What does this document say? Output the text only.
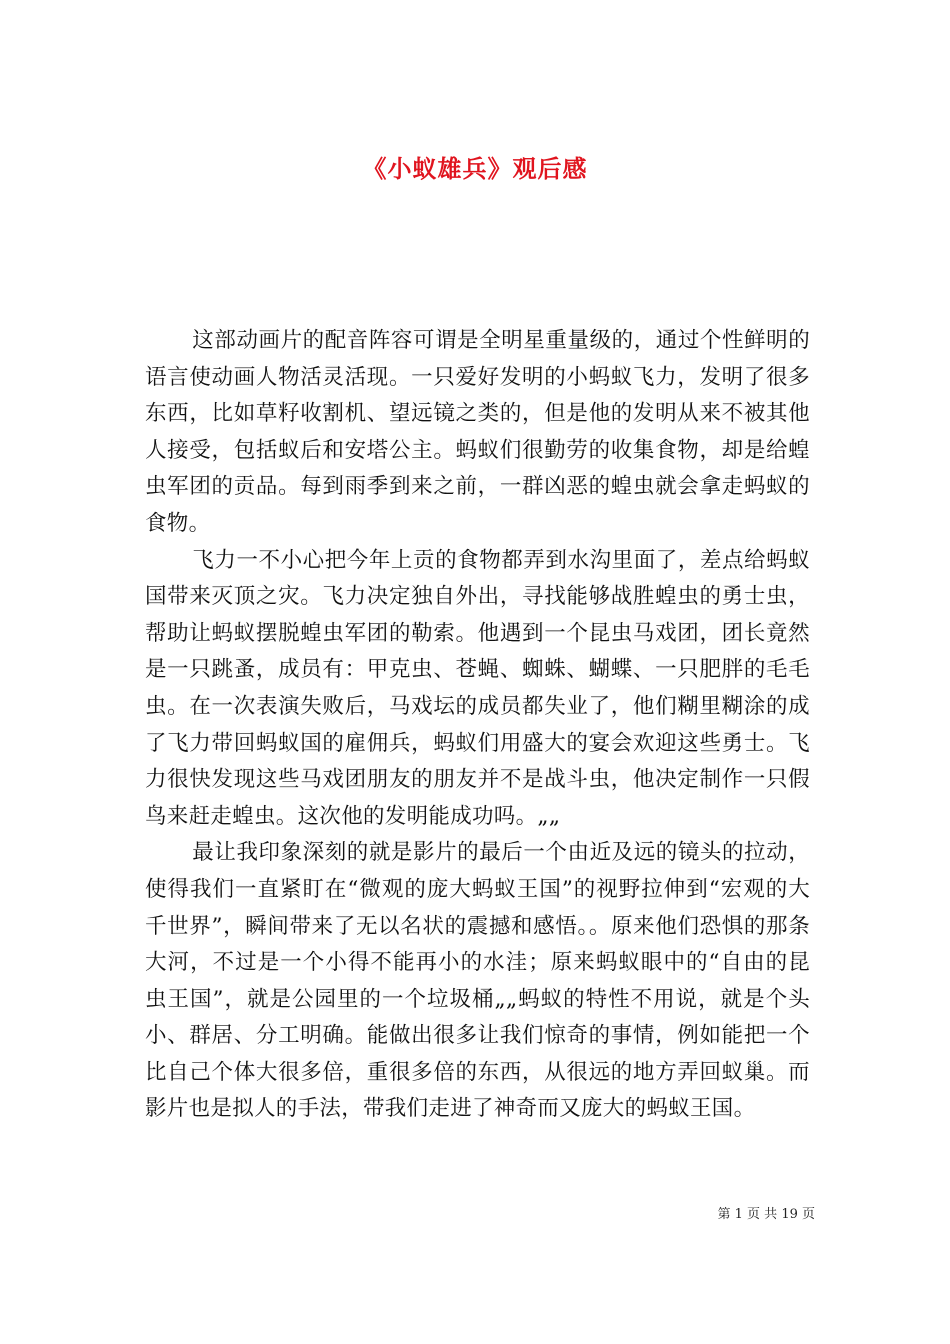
《小蚁雄兵》观后感

这部动画片的配音阵容可谓是全明星重量级的，通过个性鲜明的语言使动画人物活灵活现。一只爱好发明的小蚂蚁飞力，发明了很多东西，比如草籽收割机、望远镜之类的，但是他的发明从来不被其他人接受，包括蚁后和安塔公主。蚂蚁们很勤劳的收集食物，却是给蝗虫军团的贡品。每到雨季到来之前，一群凶恶的蝗虫就会拿走蚂蚁的食物。

飞力一不小心把今年上贡的食物都弄到水沟里面了，差点给蚂蚁国带来灭顶之灾。飞力决定独自外出，寻找能够战胜蝗虫的勇士虫，帮助让蚂蚁摆脱蝗虫军团的勒索。他遇到一个昆虫马戏团，团长竟然是一只跳蚤，成员有：甲克虫、苍蝇、蜘蛛、蝴蝶、一只肥胖的毛毛虫。在一次表演失败后，马戏坛的成员都失业了，他们糊里糊涂的成了飞力带回蚂蚁国的雇佣兵，蚂蚁们用盛大的宴会欢迎这些勇士。飞力很快发现这些马戏团朋友的朋友并不是战斗虫，他决定制作一只假鸟来赶走蝗虫。这次他的发明能成功吗。„„

最让我印象深刻的就是影片的最后一个由近及远的镜头的拉动，使得我们一直紧盯在“微观的庞大蚂蚁王国”的视野拉伸到“宏观的大千世界”，瞬间带来了无以名状的震撼和感悟。。原来他们恐惧的那条大河，不过是一个小得不能再小的水洼；原来蚂蚁眼中的“自由的昆虫王国”，就是公园里的一个垃圾桶„„蚂蚁的特性不用说，就是个头小、群居、分工明确。能做出很多让我们惊奇的事情，例如能把一个比自己个体大很多倍，重很多倍的东西，从很远的地方弄回蚁巢。而影片也是拟人的手法，带我们走进了神奇而又庞大的蚂蚁王国。

第 1 页 共 19 页
